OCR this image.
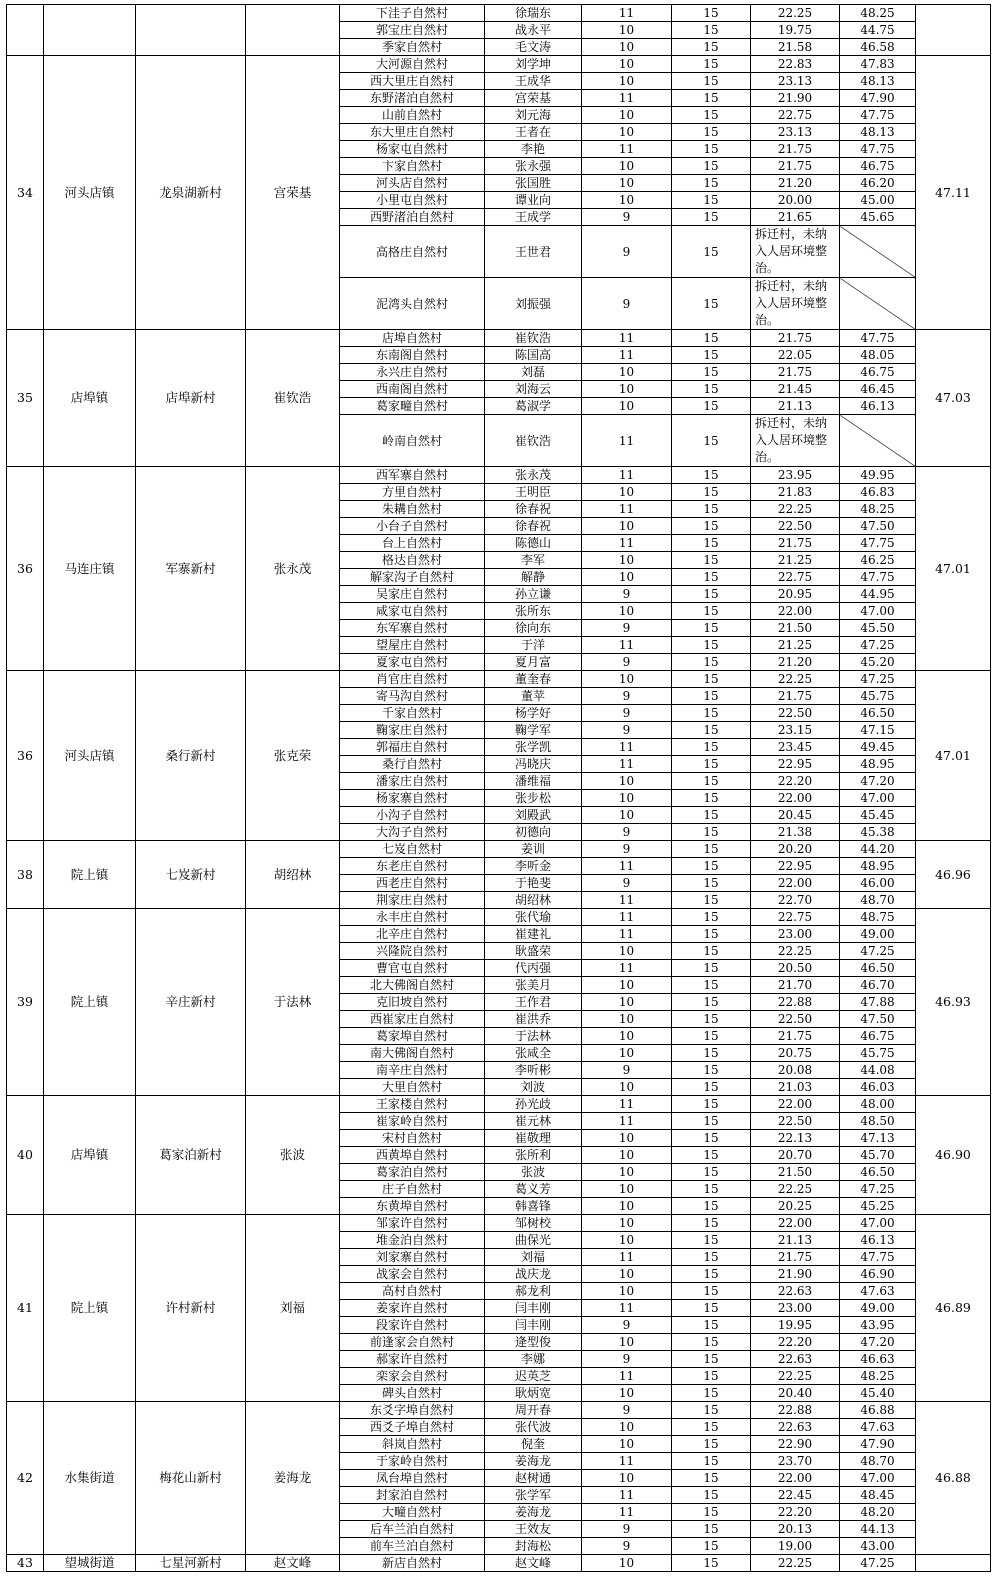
				下洼子自然村	徐瑞东	11	15	22.25	48.25	
				郭宝庄自然村	战永平	10	15	19.75	44.75	
				季家自然村	毛文涛	10	15	21.58	46.58	
34	河头店镇	龙泉湖新村	宫荣基	大河源自然村	刘学坤	10	15	22.83	47.83	47.11
				西大里庄自然村	王成华	10	15	23.13	48.13	
				东野渚泊自然村	宫荣基	11	15	21.90	47.90	
				山前自然村	刘元海	10	15	22.75	47.75	
				东大里庄自然村	王者在	10	15	23.13	48.13	
				杨家屯自然村	李艳	11	15	21.75	47.75	
				卞家自然村	张永强	10	15	21.75	46.75	
				河头店自然村	张国胜	10	15	21.20	46.20	
				小里屯自然村	谭业向	10	15	20.00	45.00	
				西野渚泊自然村	王成学	9	15	21.65	45.65	
				高格庄自然村	王世君	9	15	拆迁村，未纳入人居环境整治。		
				泥湾头自然村	刘振强	9	15	拆迁村，未纳入人居环境整治。		
35	店埠镇	店埠新村	崔钦浩	店埠自然村	崔钦浩	11	15	21.75	47.75	47.03
				东南阁自然村	陈国高	11	15	22.05	48.05	
				永兴庄自然村	刘磊	10	15	21.75	46.75	
				西南阁自然村	刘海云	10	15	21.45	46.45	
				葛家疃自然村	葛淑学	10	15	21.13	46.13	
				岭南自然村	崔钦浩	11	15	拆迁村，未纳入人居环境整治。		
36	马连庄镇	军寨新村	张永茂	西军寨自然村	张永茂	11	15	23.95	49.95	47.01
				方里自然村	王明臣	10	15	21.83	46.83	
				朱耩自然村	徐春祝	11	15	22.25	48.25	
				小台子自然村	徐春祝	10	15	22.50	47.50	
				台上自然村	陈德山	11	15	21.75	47.75	
				格达自然村	李军	10	15	21.25	46.25	
				解家沟子自然村	解静	10	15	22.75	47.75	
				吴家庄自然村	孙立谦	9	15	20.95	44.95	
				咸家屯自然村	张所东	10	15	22.00	47.00	
				东军寨自然村	徐向东	9	15	21.50	45.50	
				望屋庄自然村	于洋	11	15	21.25	47.25	
				夏家屯自然村	夏月富	9	15	21.20	45.20	
36	河头店镇	桑行新村	张克荣	肖官庄自然村	董奎春	10	15	22.25	47.25	47.01
				寄马沟自然村	董苹	9	15	21.75	45.75	
				千家自然村	杨学好	9	15	22.50	46.50	
				鞠家庄自然村	鞠学军	9	15	23.15	47.15	
				郭福庄自然村	张学凯	11	15	23.45	49.45	
				桑行自然村	冯晓庆	11	15	22.95	48.95	
				潘家庄自然村	潘维福	10	15	22.20	47.20	
				杨家寨自然村	张步松	10	15	22.00	47.00	
				小沟子自然村	刘殿武	10	15	20.45	45.45	
				大沟子自然村	初德向	9	15	21.38	45.38	
38	院上镇	七岌新村	胡绍林	七岌自然村	姜训	9	15	20.20	44.20	46.96
				东老庄自然村	李听金	11	15	22.95	48.95	
				西老庄自然村	于艳斐	9	15	22.00	46.00	
				荆家庄自然村	胡绍林	11	15	22.70	48.70	
39	院上镇	辛庄新村	于法林	永丰庄自然村	张代瑜	11	15	22.75	48.75	46.93
				北辛庄自然村	崔建礼	11	15	23.00	49.00	
				兴隆院自然村	耿盛荣	10	15	22.25	47.25	
				曹官屯自然村	代丙强	11	15	20.50	46.50	
				北大佛阁自然村	张美月	10	15	21.70	46.70	
				克旧坡自然村	王作君	10	15	22.88	47.88	
				西崔家庄自然村	崔洪乔	10	15	22.50	47.50	
				葛家埠自然村	于法林	10	15	21.75	46.75	
				南大佛阁自然村	张咸全	10	15	20.75	45.75	
				南辛庄自然村	李听彬	9	15	20.08	44.08	
				大里自然村	刘波	10	15	21.03	46.03	
40	店埠镇	葛家泊新村	张波	王家楼自然村	孙光歧	11	15	22.00	48.00	46.90
				崔家岭自然村	崔元林	11	15	22.50	48.50	
				宋村自然村	崔敬理	10	15	22.13	47.13	
				西黄埠自然村	张所利	10	15	20.70	45.70	
				葛家泊自然村	张波	10	15	21.50	46.50	
				庄子自然村	葛义芳	10	15	22.25	47.25	
				东黄埠自然村	韩喜锋	10	15	20.25	45.25	
41	院上镇	许村新村	刘福	邹家许自然村	邹树校	10	15	22.00	47.00	46.89
				堆金泊自然村	曲保光	10	15	21.13	46.13	
				刘家寨自然村	刘福	11	15	21.75	47.75	
				战家会自然村	战庆龙	10	15	21.90	46.90	
				高村自然村	郝龙利	10	15	22.63	47.63	
				姜家许自然村	闫丰刚	11	15	23.00	49.00	
				段家许自然村	闫丰刚	9	15	19.95	43.95	
				前逢家会自然村	逄型俊	10	15	22.20	47.20	
				郝家许自然村	李娜	9	15	22.63	46.63	
				栾家会自然村	迟英芝	11	15	22.25	48.25	
				碑头自然村	耿炳宽	10	15	20.40	45.40	
42	水集街道	梅花山新村	姜海龙	东爻字埠自然村	周开春	9	15	22.88	46.88	46.88
				西爻子埠自然村	张代波	10	15	22.63	47.63	
				斜岚自然村	倪奎	10	15	22.90	47.90	
				于家岭自然村	姜海龙	11	15	23.70	48.70	
				凤台埠自然村	赵树通	10	15	22.00	47.00	
				封家泊自然村	张学军	11	15	22.45	48.45	
				大疃自然村	姜海龙	11	15	22.20	48.20	
				后车兰泊自然村	王效友	9	15	20.13	44.13	
				前车兰泊自然村	封海松	9	15	19.00	43.00	
43	望城街道	七星河新村	赵文峰	新店自然村	赵文峰	10	15	22.25	47.25	
